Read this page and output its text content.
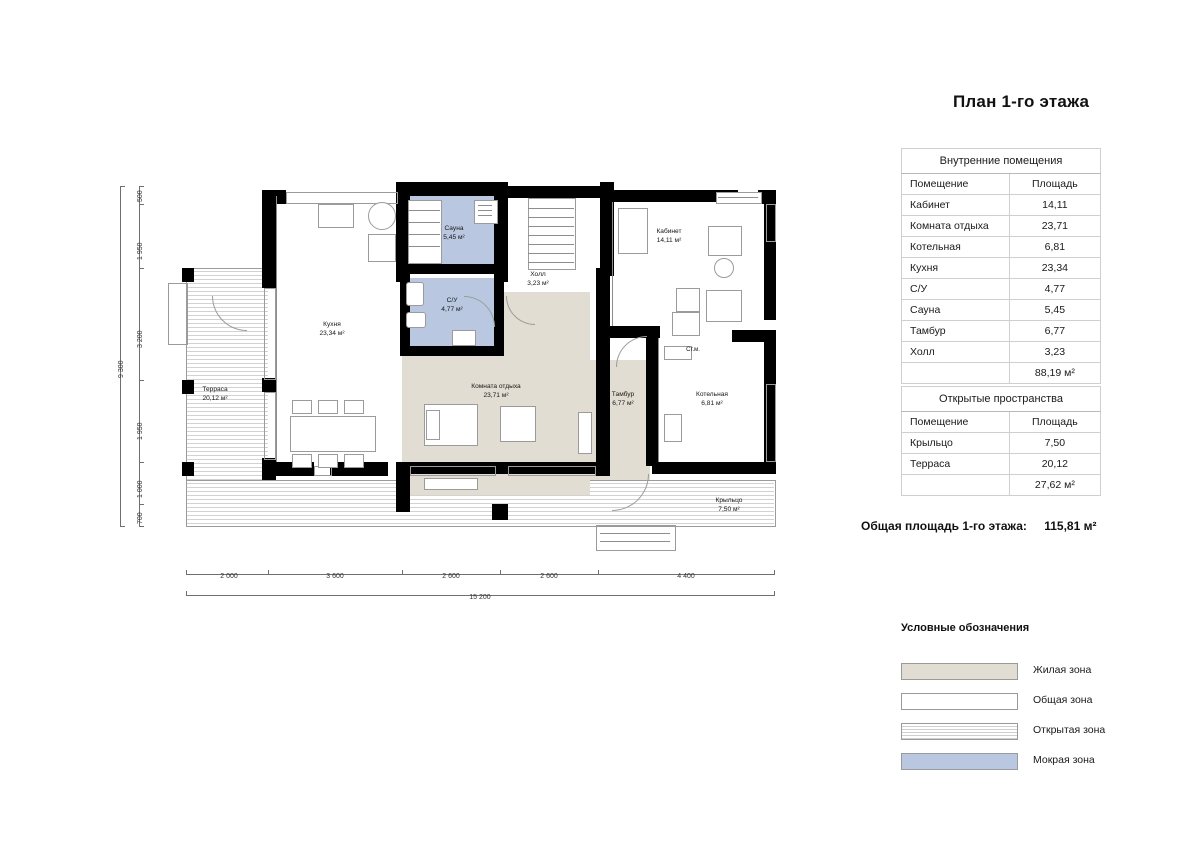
Сауна
5,45 м²
Холл
3,23 м²
Кабинет
14,11 м²
С/У
4,77 м²
Кухня
23,34 м²
Комната отдыха
23,71 м²	Тамбур
6,77 м²
Котельная
6,81 м²
Терраса
20,12 м²
Крыльцо
7,50 м²
Ст.м.
2 000	3 600	2 600	2 600	4 400
15 200
500
1 950
3 200
1 950
1 000
700
9 300
План 1-го этажа
Внутренние помещения	
Помещение	Площадь
Кабинет	14,11
Комната отдыха	23,71
Котельная	6,81
Кухня	23,34
С/У	4,77
Сауна	5,45
Тамбур	6,77
Холл	3,23
	88,19 м²
Открытые пространства	
Помещение	Площадь
Крыльцо	7,50
Терраса	20,12
	27,62 м²
Общая площадь 1-го этажа: 115,81 м²
Условные обозначения
Жилая зона
Общая зона
Открытая зона
Мокрая зона
